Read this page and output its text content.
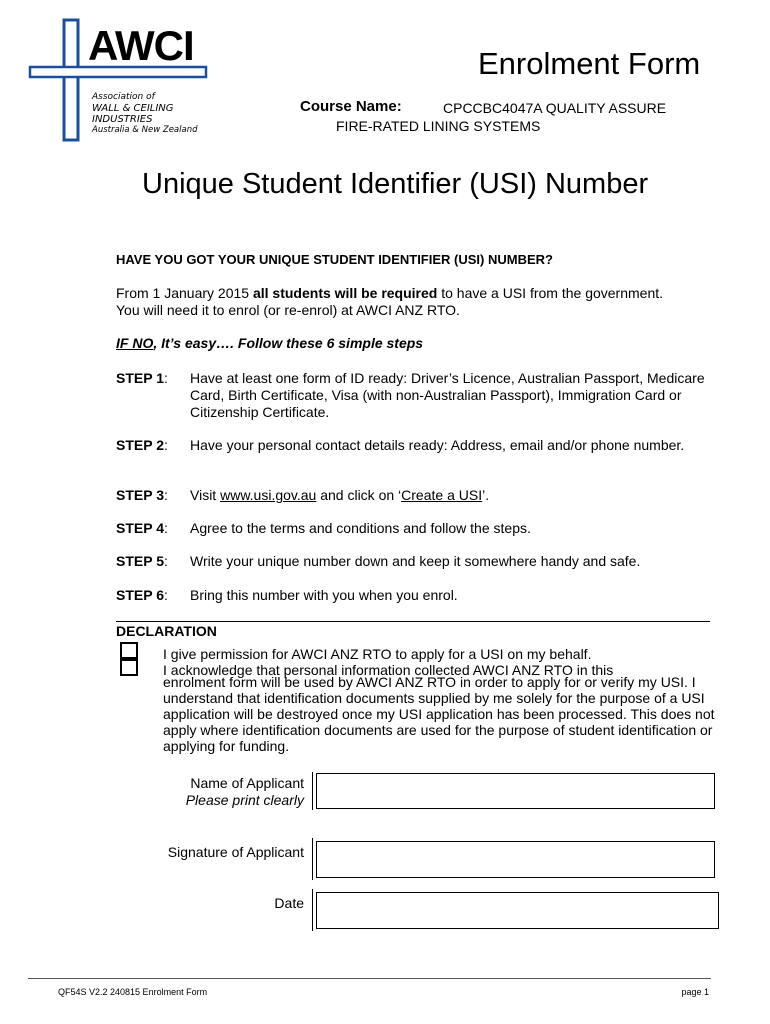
AWCI
Association of
WALL & CEILING
INDUSTRIES
Australia & New Zealand
Enrolment Form
Course Name:	CPCCBC4047A QUALITY ASSURE
FIRE-RATED LINING SYSTEMS
Unique Student Identifier (USI) Number
HAVE YOU GOT YOUR UNIQUE STUDENT IDENTIFIER (USI) NUMBER?
From 1 January 2015 all students will be required to have a USI from the government. You will need it to enrol (or re-enrol) at AWCI ANZ RTO.
IF NO, It’s easy…. Follow these 6 simple steps
STEP 1: Have at least one form of ID ready: Driver’s Licence, Australian Passport, Medicare Card, Birth Certificate, Visa (with non-Australian Passport), Immigration Card or Citizenship Certificate.
STEP 2: Have your personal contact details ready: Address, email and/or phone number.
STEP 3: Visit www.usi.gov.au and click on ‘Create a USI’.
STEP 4: Agree to the terms and conditions and follow the steps.
STEP 5: Write your unique number down and keep it somewhere handy and safe.
STEP 6: Bring this number with you when you enrol.
DECLARATION
I give permission for AWCI ANZ RTO to apply for a USI on my behalf.
I acknowledge that personal information collected AWCI ANZ RTO in this
enrolment form will be used by AWCI ANZ RTO in order to apply for or verify my USI. I understand that identification documents supplied by me solely for the purpose of a USI application will be destroyed once my USI application has been processed. This does not apply where identification documents are used for the purpose of student identification or applying for funding.
Name of Applicant
Please print clearly
Signature of Applicant
Date
QF54S V2.2 240815 Enrolment Form	page 1
